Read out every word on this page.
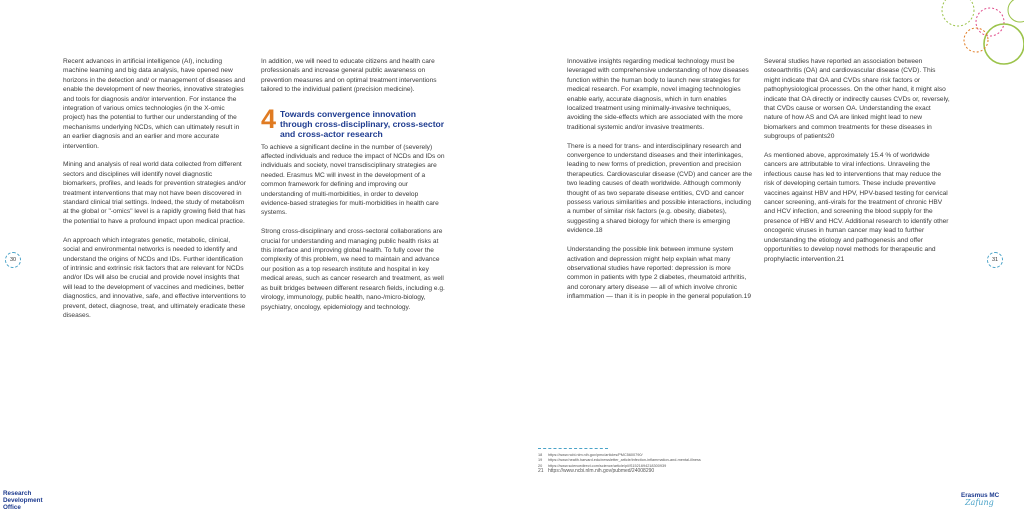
30	31

Recent advances in artificial intelligence (AI), including machine learning and big data analysis, have opened new horizons in the detection and/ or management of diseases and enable the development of new theories, innovative strategies and tools for diagnosis and/or intervention. For instance the integration of various omics technologies (in the X-omic project) has the potential to further our understanding of the mechanisms underlying NCDs, which can ultimately result in an earlier diagnosis and an earlier and more accurate intervention.

Mining and analysis of real world data collected from different sectors and disciplines will identify novel diagnostic biomarkers, profiles, and leads for prevention strategies and/or treatment interventions that may not have been discovered in standard clinical trial settings. Indeed, the study of metabolism at the global or "-omics" level is a rapidly growing field that has the potential to have a profound impact upon medical practice.

An approach which integrates genetic, metabolic, clinical, social and environmental networks is needed to identify and understand the origins of NCDs and IDs. Further identification of intrinsic and extrinsic risk factors that are relevant for NCDs and/or IDs will also be crucial and provide novel insights that will lead to the development of vaccines and medicines, better diagnostics, and innovative, safe, and effective interventions to prevent, detect, diagnose, treat, and ultimately eradicate these diseases.

In addition, we will need to educate citizens and health care professionals and increase general public awareness on prevention measures and on optimal treatment interventions tailored to the individual patient (precision medicine).

4 Towards convergence innovation through cross-disciplinary, cross-sector and cross-actor research

To achieve a significant decline in the number of (severely) affected individuals and reduce the impact of NCDs and IDs on individuals and society, novel transdisciplinary strategies are needed. Erasmus MC will invest in the development of a common framework for defining and improving our understanding of multi-morbidities, in order to develop evidence-based strategies for multi-morbidities in health care systems.

Strong cross-disciplinary and cross-sectoral collaborations are crucial for understanding and managing public health risks at this interface and improving global health. To fully cover the complexity of this problem, we need to maintain and advance our position as a top research institute and hospital in key medical areas, such as cancer research and treatment, as well as built bridges between different research fields, including e.g. virology, immunology, public health, nano-/micro-biology, psychiatry, oncology, epidemiology and technology.

Innovative insights regarding medical technology must be leveraged with comprehensive understanding of how diseases function within the human body to launch new strategies for medical research. For example, novel imaging technologies enable early, accurate diagnosis, which in turn enables localized treatment using minimally-invasive techniques, avoiding the side-effects which are associated with the more traditional systemic and/or invasive treatments.

There is a need for trans- and interdisciplinary research and convergence to understand diseases and their interlinkages, leading to new forms of prediction, prevention and precision therapeutics. Cardiovascular disease (CVD) and cancer are the two leading causes of death worldwide. Although commonly thought of as two separate disease entities, CVD and cancer possess various similarities and possible interactions, including a number of similar risk factors (e.g. obesity, diabetes), suggesting a shared biology for which there is emerging evidence.18

Understanding the possible link between immune system activation and depression might help explain what many observational studies have reported: depression is more common in patients with type 2 diabetes, rheumatoid arthritis, and coronary artery disease — all of which involve chronic inflammation — than it is in people in the general population.19

Several studies have reported an association between osteoarthritis (OA) and cardiovascular disease (CVD). This might indicate that OA and CVDs share risk factors or pathophysiological processes. On the other hand, it might also indicate that OA directly or indirectly causes CVDs or, reversely, that CVDs cause or worsen OA. Understanding the exact nature of how AS and OA are linked might lead to new biomarkers and common treatments for these diseases in subgroups of patients20

As mentioned above, approximately 15.4 % of worldwide cancers are attributable to viral infections. Unraveling the infectious cause has led to interventions that may reduce the risk of developing certain tumors. These include preventive vaccines against HBV and HPV, HPV-based testing for cervical cancer screening, anti-virals for the treatment of chronic HBV and HCV infection, and screening the blood supply for the presence of HBV and HCV. Additional research to identify other oncogenic viruses in human cancer may lead to further understanding the etiology and pathogenesis and offer opportunities to develop novel methods for therapeutic and prophylactic intervention.21

18 https://www.ncbi.nlm.nih.gov/pmc/articles/PMC5600790/
19 https://www.health.harvard.edu/newsletter_article/infection-inflammation-and-mental-illness
20 https://www.sciencedirect.com/science/article/pii/S1521694218300939
21 https://www.ncbi.nlm.nih.gov/pubmed/24008290
Research
Development
Office
Erasmus MC
Zafung
